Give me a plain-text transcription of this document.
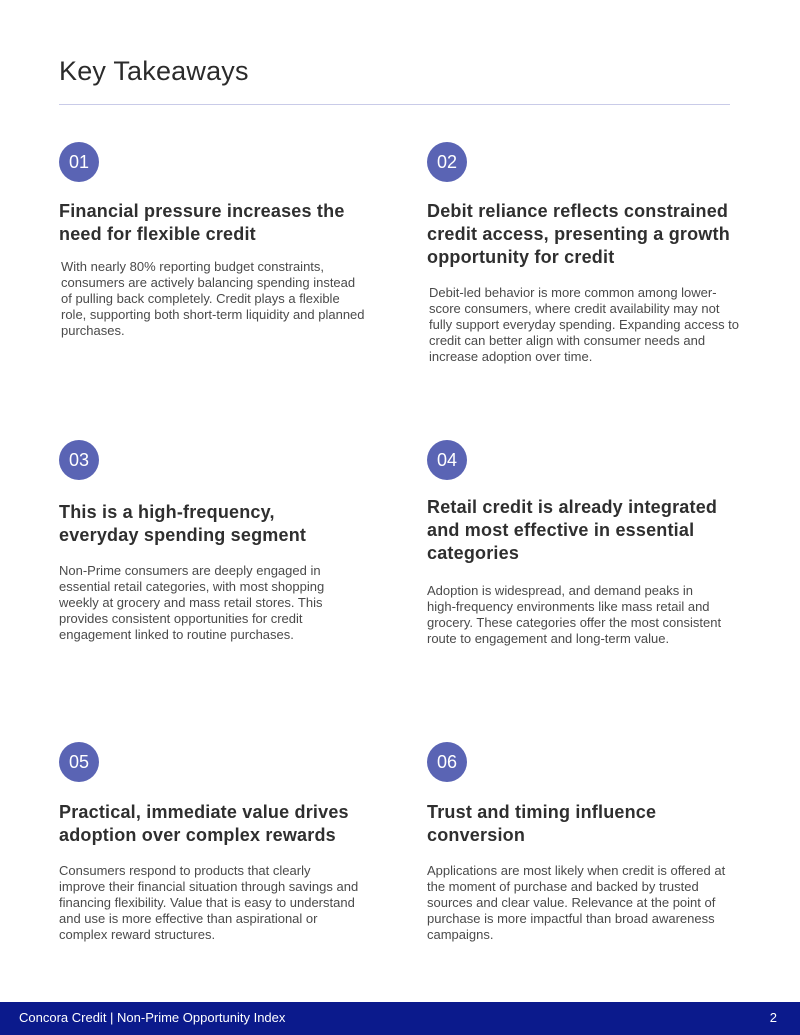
Key Takeaways
01
Financial pressure increases the need for flexible credit

With nearly 80% reporting budget constraints, consumers are actively balancing spending instead of pulling back completely. Credit plays a flexible role, supporting both short-term liquidity and planned purchases.

02
Debit reliance reflects constrained credit access, presenting a growth opportunity for credit

Debit-led behavior is more common among lower-score consumers, where credit availability may not fully support everyday spending. Expanding access to credit can better align with consumer needs and increase adoption over time.

03
This is a high-frequency, everyday spending segment

Non-Prime consumers are deeply engaged in essential retail categories, with most shopping weekly at grocery and mass retail stores. This provides consistent opportunities for credit engagement linked to routine purchases.

04
Retail credit is already integrated and most effective in essential categories

Adoption is widespread, and demand peaks in high-frequency environments like mass retail and grocery. These categories offer the most consistent route to engagement and long-term value.

05
Practical, immediate value drives adoption over complex rewards

Consumers respond to products that clearly improve their financial situation through savings and financing flexibility. Value that is easy to understand and use is more effective than aspirational or complex reward structures.

06
Trust and timing influence conversion

Applications are most likely when credit is offered at the moment of purchase and backed by trusted sources and clear value. Relevance at the point of purchase is more impactful than broad awareness campaigns.

Concora Credit | Non-Prime Opportunity Index	2
